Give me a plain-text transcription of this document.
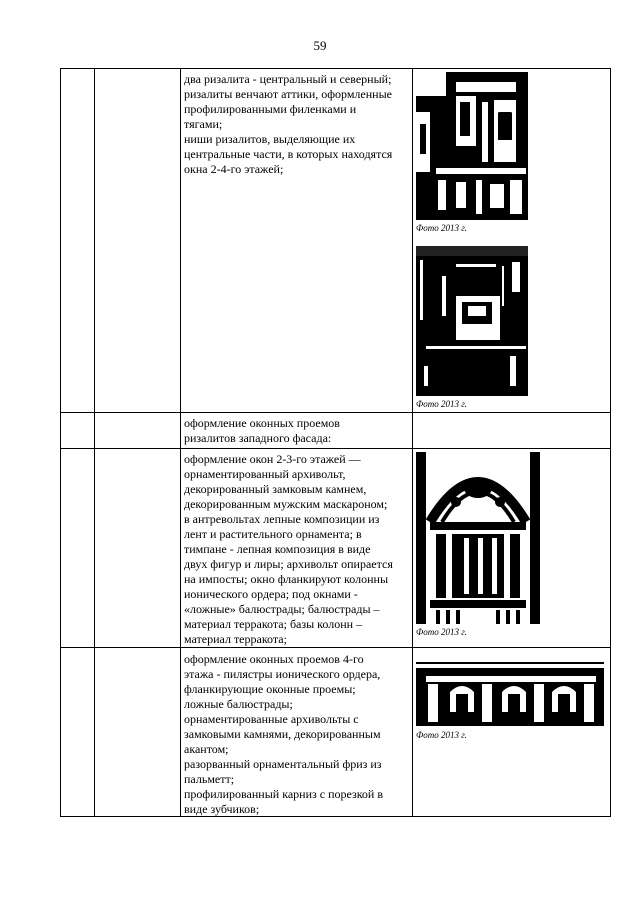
59

два ризалита - центральный и северный;

ризалиты венчают аттики, оформленные

профилированными филенками и

тягами;

ниши ризалитов, выделяющие их

центральные части, в которых находятся

окна 2-4-го этажей;

Фото 2013 г.
Фото 2013 г.

оформление оконных проемов

ризалитов западного фасада:

оформление окон 2-3-го этажей —

орнаментированный архивольт,

декорированный замковым камнем,

декорированным мужским маскароном;

в антревольтах лепные композиции из

лент и растительного орнамента; в

тимпане - лепная композиция в виде

двух фигур и лиры; архивольт опирается

на импосты; окно фланкируют колонны

ионического ордера; под окнами -

«ложные» балюстрады; балюстрады –

материал терракота; базы колонн –

материал терракота;	Фото 2013 г.

оформление оконных проемов 4-го

этажа - пилястры ионического ордера,

фланкирующие оконные проемы;

ложные балюстрады;

орнаментированные архивольты с

замковыми камнями, декорированным

акантом;

разорванный орнаментальный фриз из

пальметт;

профилированный карниз с порезкой в

виде зубчиков;

Фото 2013 г.
